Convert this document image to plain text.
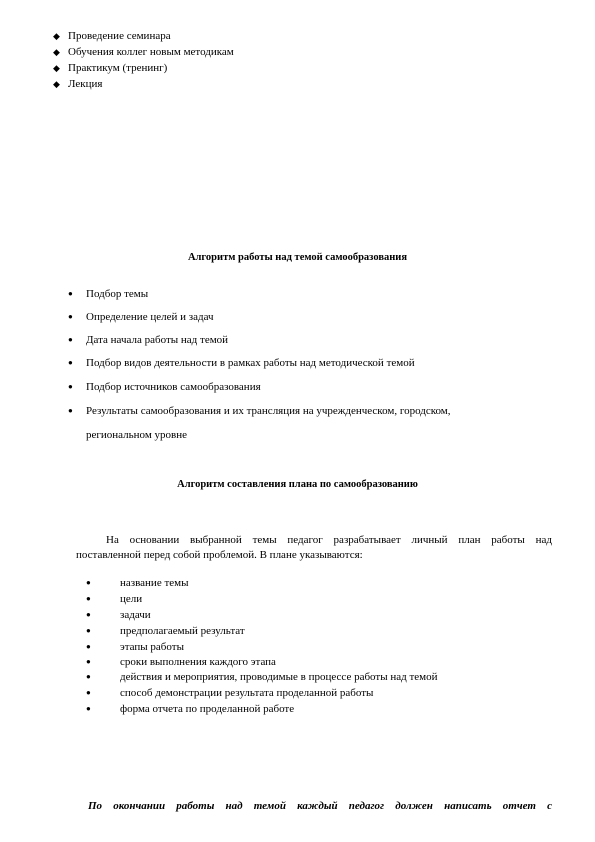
◆ Проведение семинара
◆ Обучения коллег новым методикам
◆ Практикум (тренинг)
◆ Лекция
Алгоритм работы над темой самообразования
● Подбор темы
● Определение целей и задач
● Дата начала работы над темой
● Подбор видов деятельности в рамках работы над методической темой
● Подбор источников самообразования
● Результаты самообразования и их трансляция на учрежденческом, городском,
региональном уровне
Алгоритм составления плана по самообразованию
На основании выбранной темы педагог разрабатывает личный план работы над
поставленной перед собой проблемой. В плане указываются:
●	название темы
●	цели
●	задачи
●	предполагаемый результат
●	этапы работы
●	сроки выполнения каждого этапа
●	действия и мероприятия, проводимые в процессе работы над темой
●	способ демонстрации результата проделанной работы
●	форма отчета по проделанной работе
По окончании работы над темой каждый педагог должен написать отчет с
